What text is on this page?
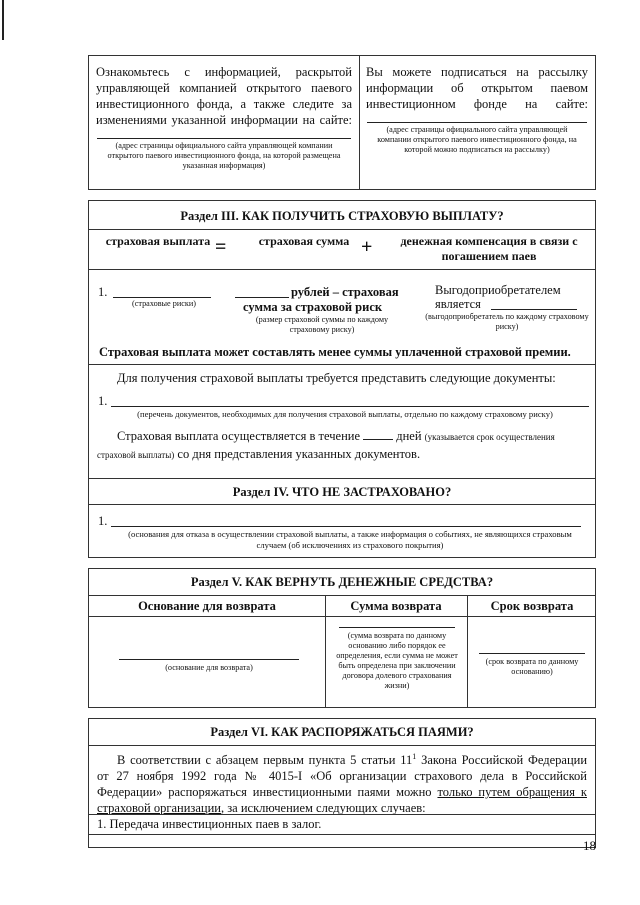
Ознакомьтесь с информацией, раскрытой управляющей компанией открытого паевого инвестиционного фонда, а также следите за изменениями указанной информации на сайте:
(адрес страницы официального сайта управляющей компании открытого паевого инвестиционного фонда, на которой размещена указанная информация)
Вы можете подписаться на рассылку информации об открытом паевом инвестиционном фонде на сайте:
(адрес страницы официального сайта управляющей компании открытого паевого инвестиционного фонда, на которой можно подписаться на рассылку)
Раздел III. КАК ПОЛУЧИТЬ СТРАХОВУЮ ВЫПЛАТУ?
страховая выплата =	страховая сумма +	денежная компенсация в связи с погашением паев
1.
(страховые риски)
рублей – страховая
сумма за страховой риск
(размер страховой суммы по каждому страховому риску)
Выгодоприобретателем
является
(выгодоприобретатель по каждому страховому риску)
Страховая выплата может составлять менее суммы уплаченной страховой премии.
Для получения страховой выплаты требуется представить следующие документы:
1.
(перечень документов, необходимых для получения страховой выплаты, отдельно по каждому страховому риску)
Страховая выплата осуществляется в течение	дней (указывается срок осуществления
страховой выплаты) со дня представления указанных документов.
Раздел IV. ЧТО НЕ ЗАСТРАХОВАНО?
1.
(основания для отказа в осуществлении страховой выплаты, а также информация о событиях, не являющихся страховым случаем (об исключениях из страхового покрытия)
Раздел V. КАК ВЕРНУТЬ ДЕНЕЖНЫЕ СРЕДСТВА?
Основание для возврата	Сумма возврата	Срок возврата
(основание для возврата)
(сумма возврата по данному основанию либо порядок ее определения, если сумма не может быть определена при заключении договора долевого страхования жизни)
(срок возврата по данному основанию)
Раздел VI. КАК РАСПОРЯЖАТЬСЯ ПАЯМИ?
В соответствии с абзацем первым пункта 5 статьи $11^1$ Закона Российской Федерации
от 27 ноября 1992 года № 4015-I «Об организации страхового дела в Российской
Федерации» распоряжаться инвестиционными паями можно только путем обращения к
страховой организации, за исключением следующих случаев:
1. Передача инвестиционных паев в залог.
18
